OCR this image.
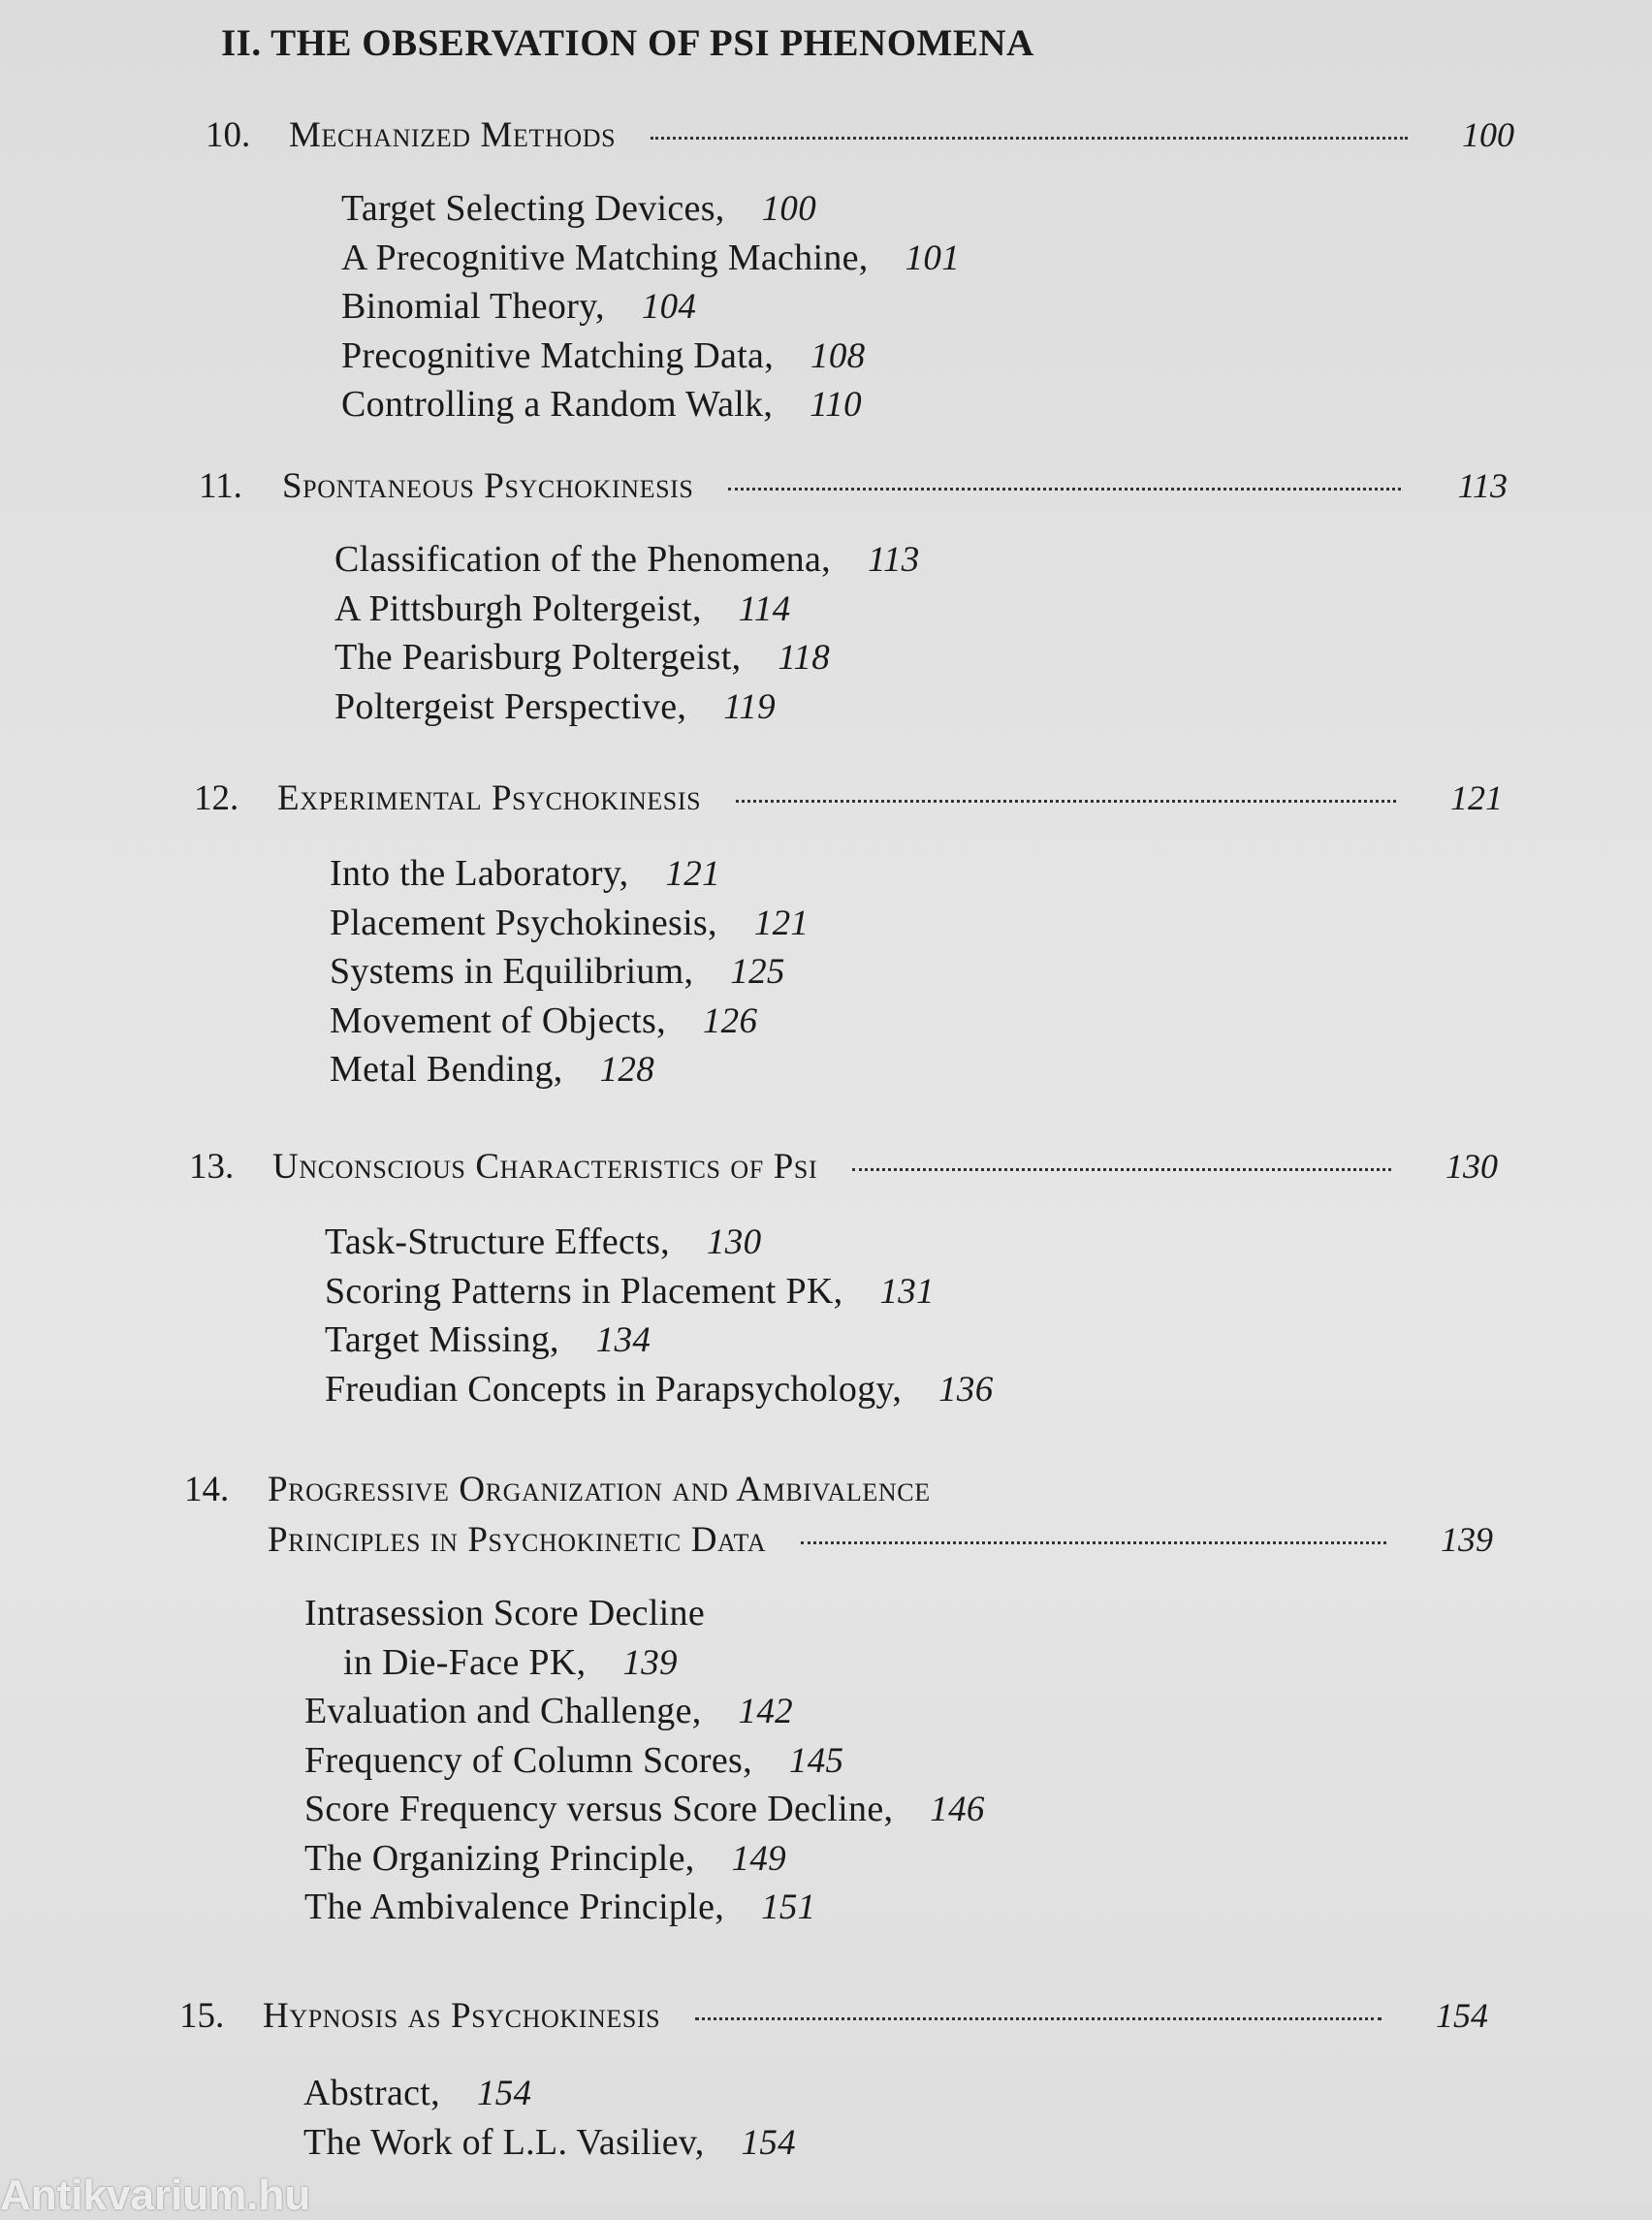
II. THE OBSERVATION OF PSI PHENOMENA
10.	Mechanized Methods	100
Target Selecting Devices, 100
A Precognitive Matching Machine, 101
Binomial Theory, 104
Precognitive Matching Data, 108
Controlling a Random Walk, 110
11.	Spontaneous Psychokinesis	113
Classification of the Phenomena, 113
A Pittsburgh Poltergeist, 114
The Pearisburg Poltergeist, 118
Poltergeist Perspective, 119
12.	Experimental Psychokinesis	121
Into the Laboratory, 121
Placement Psychokinesis, 121
Systems in Equilibrium, 125
Movement of Objects, 126
Metal Bending, 128
13.	Unconscious Characteristics of Psi	130
Task-Structure Effects, 130
Scoring Patterns in Placement PK, 131
Target Missing, 134
Freudian Concepts in Parapsychology, 136
14.	Progressive Organization and Ambivalence
Principles in Psychokinetic Data	139
Intrasession Score Decline
in Die-Face PK, 139
Evaluation and Challenge, 142
Frequency of Column Scores, 145
Score Frequency versus Score Decline, 146
The Organizing Principle, 149
The Ambivalence Principle, 151
15.	Hypnosis as Psychokinesis	154
Abstract, 154
The Work of L.L. Vasiliev, 154
Antikvarium.hu
